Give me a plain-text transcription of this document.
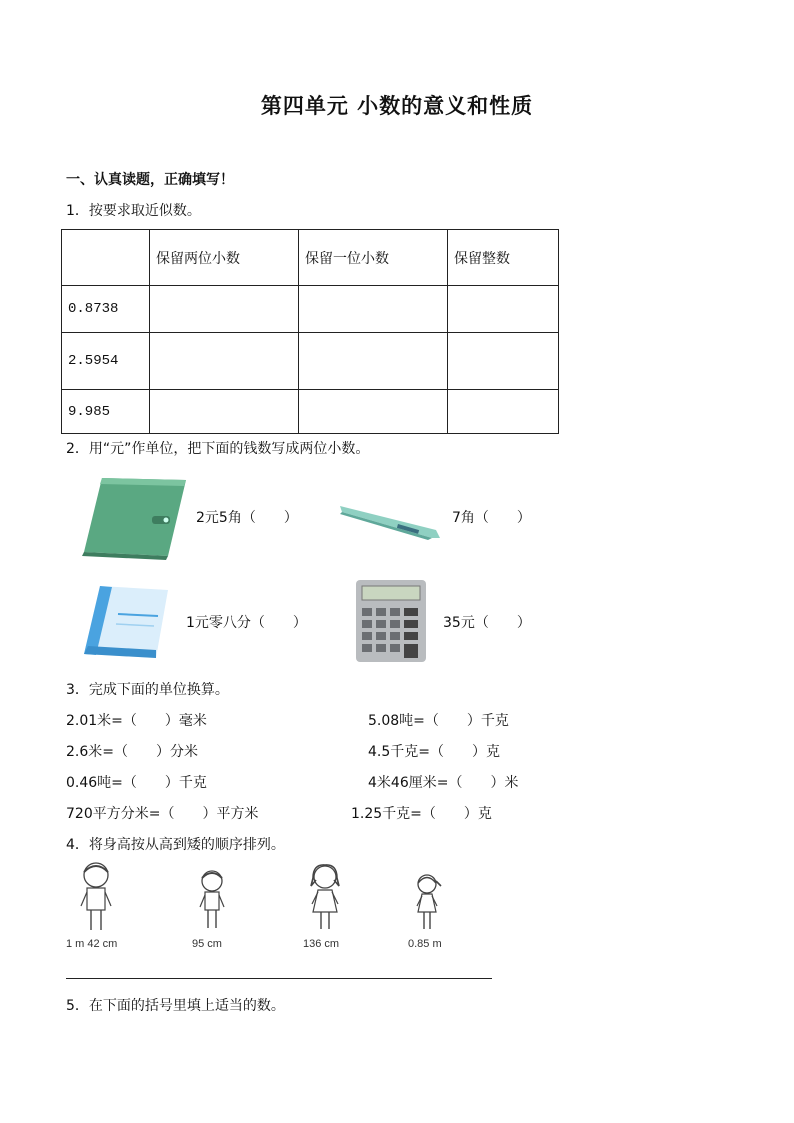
第四单元 小数的意义和性质
一、认真读题，正确填写！
1．按要求取近似数。
	保留两位小数	保留一位小数	保留整数
0.8738			
2.5954			
9.985			
2．用“元”作单位，把下面的钱数写成两位小数。
2元5角（　　）	7角（　　）
1元零八分（　　）	35元（　　）
3．完成下面的单位换算。
2.01米=（　　）毫米
2.6米=（　　）分米
0.46吨=（　　）千克
720平方分米=（　　）平方米
5.08吨=（　　）千克
4.5千克=（　　）克
4米46厘米=（　　）米
1.25千克=（　　）克
4．将身高按从高到矮的顺序排列。
1 m 42 cm	95 cm	136 cm	0.85 m
5．在下面的括号里填上适当的数。
